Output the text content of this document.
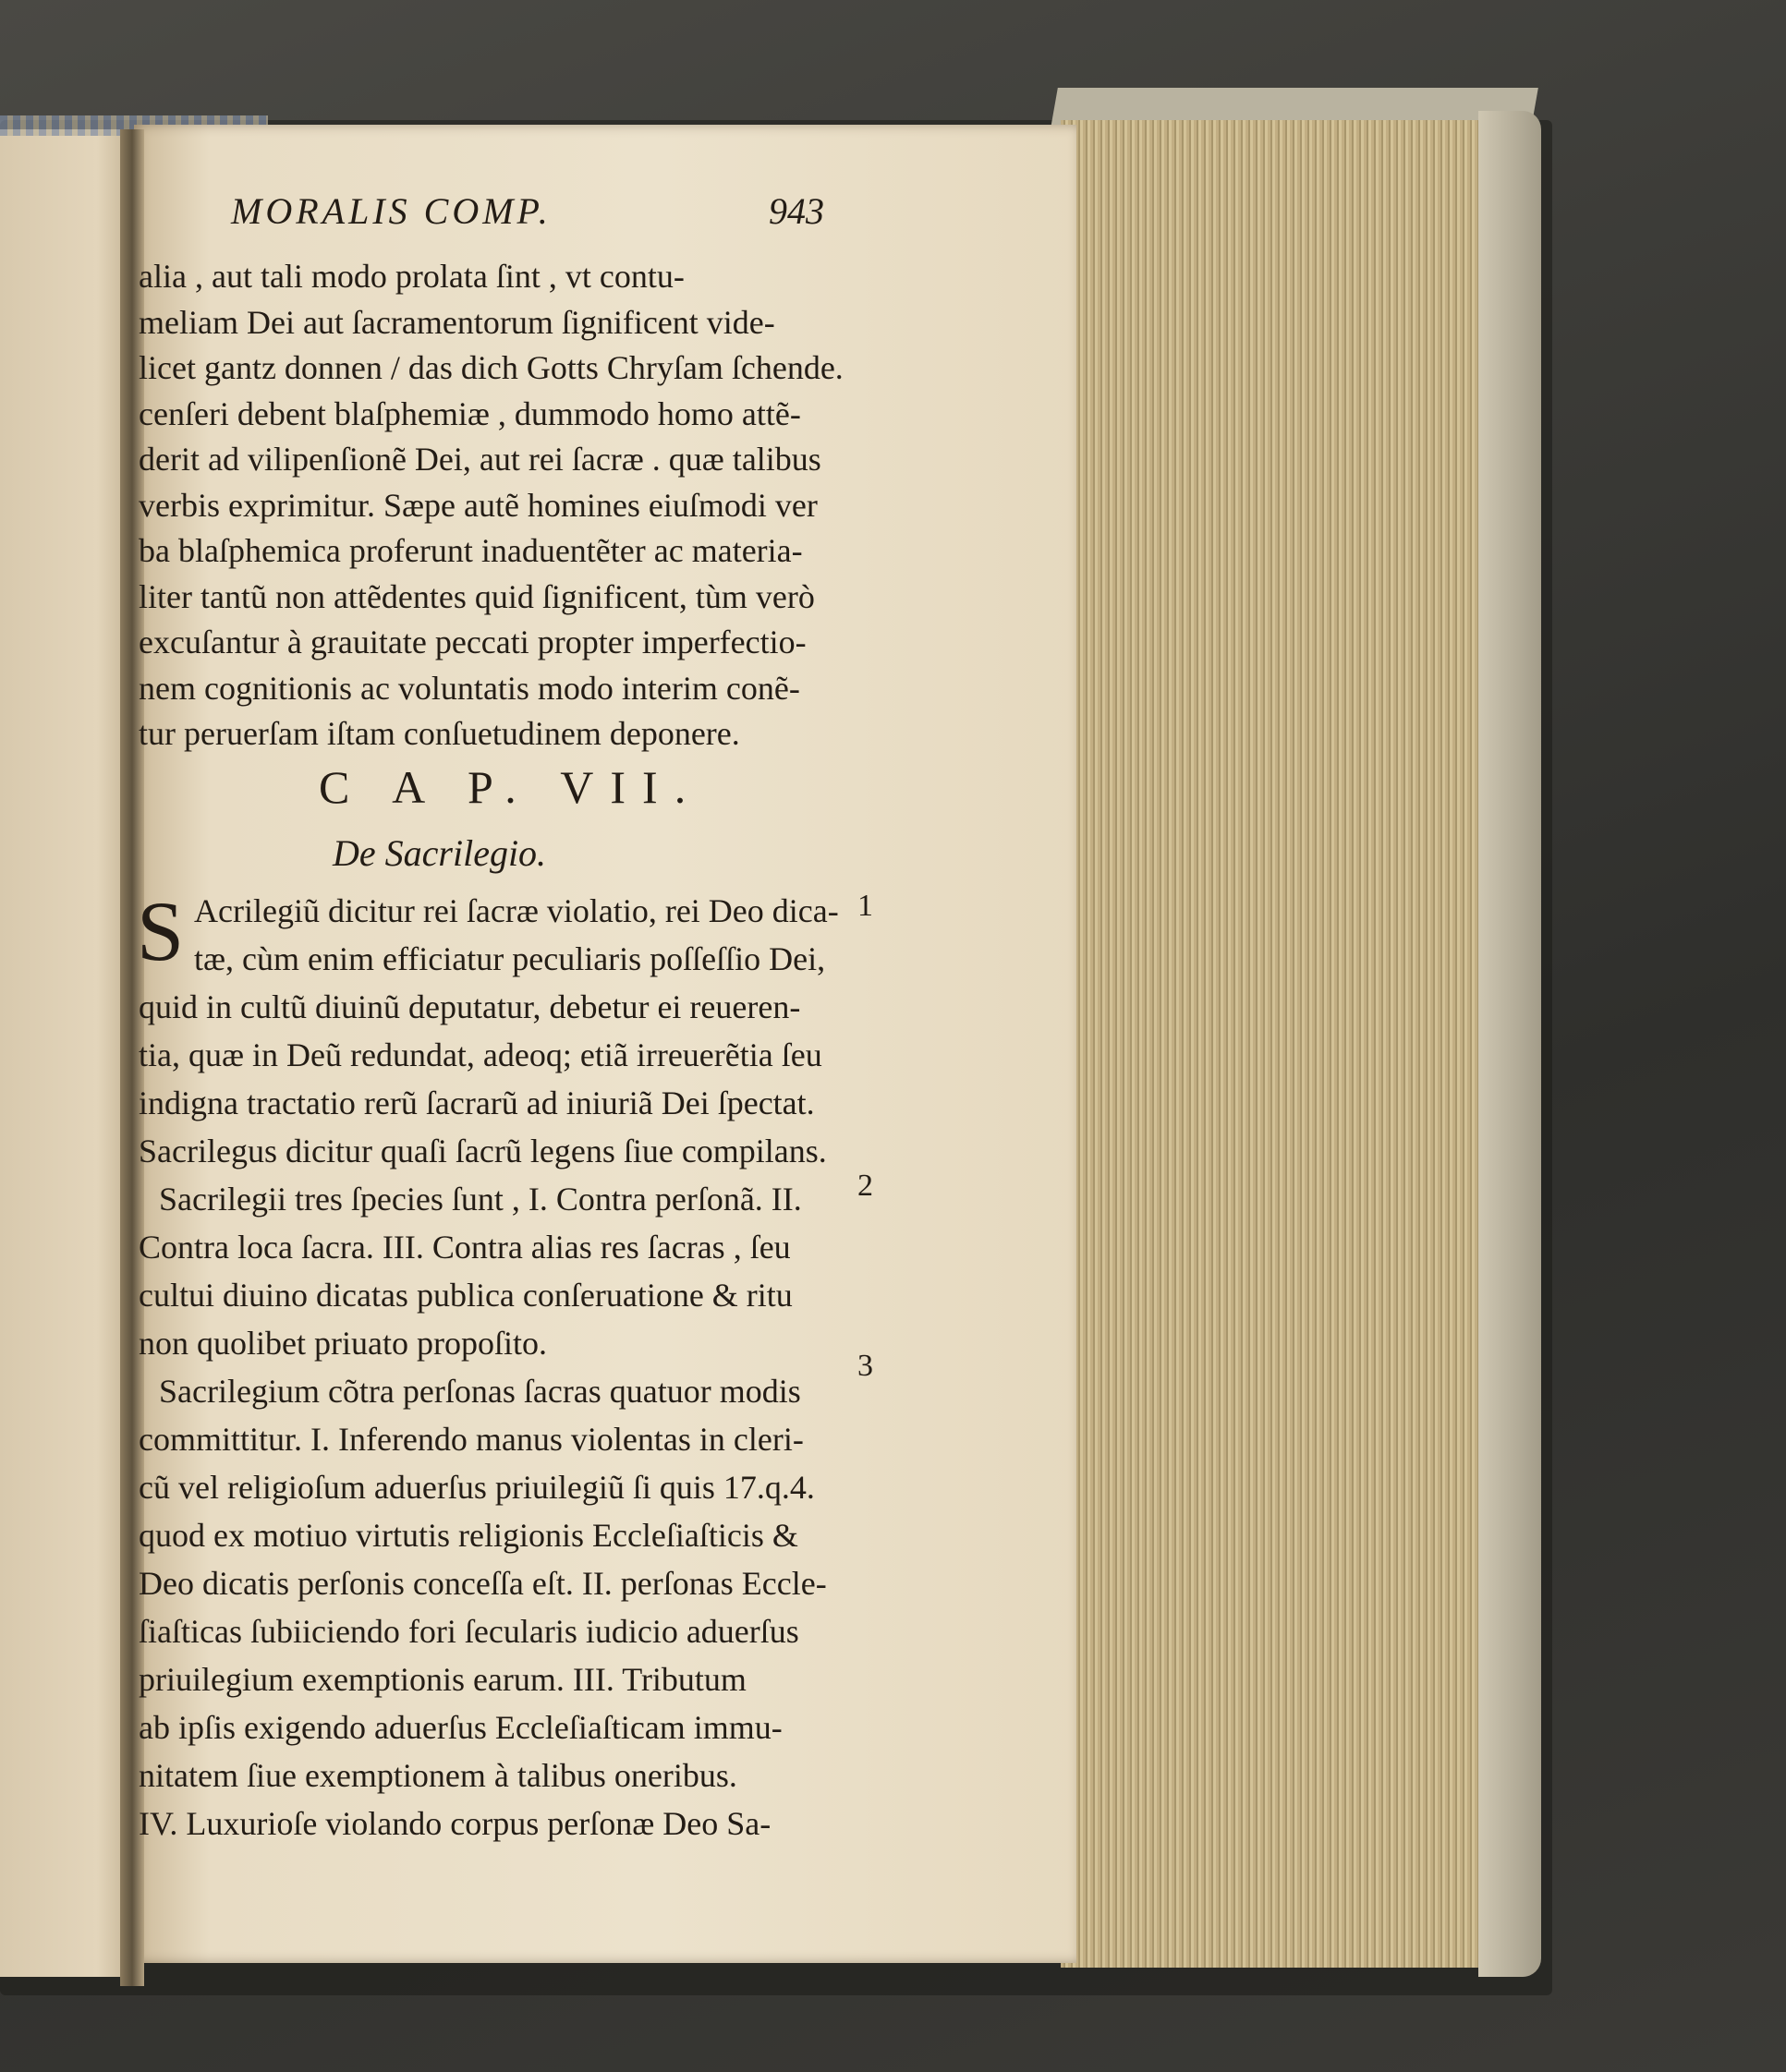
MORALIS COMP.	943
alia , aut tali modo prolata ſint , vt contu-
meliam Dei aut ſacramentorum ſignificent vide-
licet gantz donnen / das dich Gotts Chryſam ſchende.
cenſeri debent blaſphemiæ , dummodo homo attẽ-
derit ad vilipenſionẽ Dei, aut rei ſacræ . quæ talibus
verbis exprimitur. Sæpe autẽ homines eiuſmodi ver
ba blaſphemica proferunt inaduentẽter ac materia-
liter tantũ non attẽdentes quid ſignificent, tùm verò
excuſantur à grauitate peccati propter imperfectio-
nem cognitionis ac voluntatis modo interim conẽ-
tur peruerſam iſtam conſuetudinem deponere.
C A P. VII.
De Sacrilegio.
S Acrilegiũ dicitur rei ſacræ violatio, rei Deo dica-
tæ, cùm enim efficiatur peculiaris poſſeſſio Dei,
quid in cultũ diuinũ deputatur, debetur ei reueren-
tia, quæ in Deũ redundat, adeoq; etiã irreuerẽtia ſeu
indigna tractatio rerũ ſacrarũ ad iniuriã Dei ſpectat.
Sacrilegus dicitur quaſi ſacrũ legens ſiue compilans.
Sacrilegii tres ſpecies ſunt , I. Contra perſonã. II.
Contra loca ſacra. III. Contra alias res ſacras , ſeu
cultui diuino dicatas publica conſeruatione & ritu
non quolibet priuato propoſito.
Sacrilegium cõtra perſonas ſacras quatuor modis
committitur. I. Inferendo manus violentas in cleri-
cũ vel religioſum aduerſus priuilegiũ ſi quis 17.q.4.
quod ex motiuo virtutis religionis Eccleſiaſticis &
Deo dicatis perſonis conceſſa eſt. II. perſonas Eccle-
ſiaſticas ſubiiciendo fori ſecularis iudicio aduerſus
priuilegium exemptionis earum. III. Tributum
ab ipſis exigendo aduerſus Eccleſiaſticam immu-
nitatem ſiue exemptionem à talibus oneribus.
IV. Luxurioſe violando corpus perſonæ Deo Sa-
1
2
3
